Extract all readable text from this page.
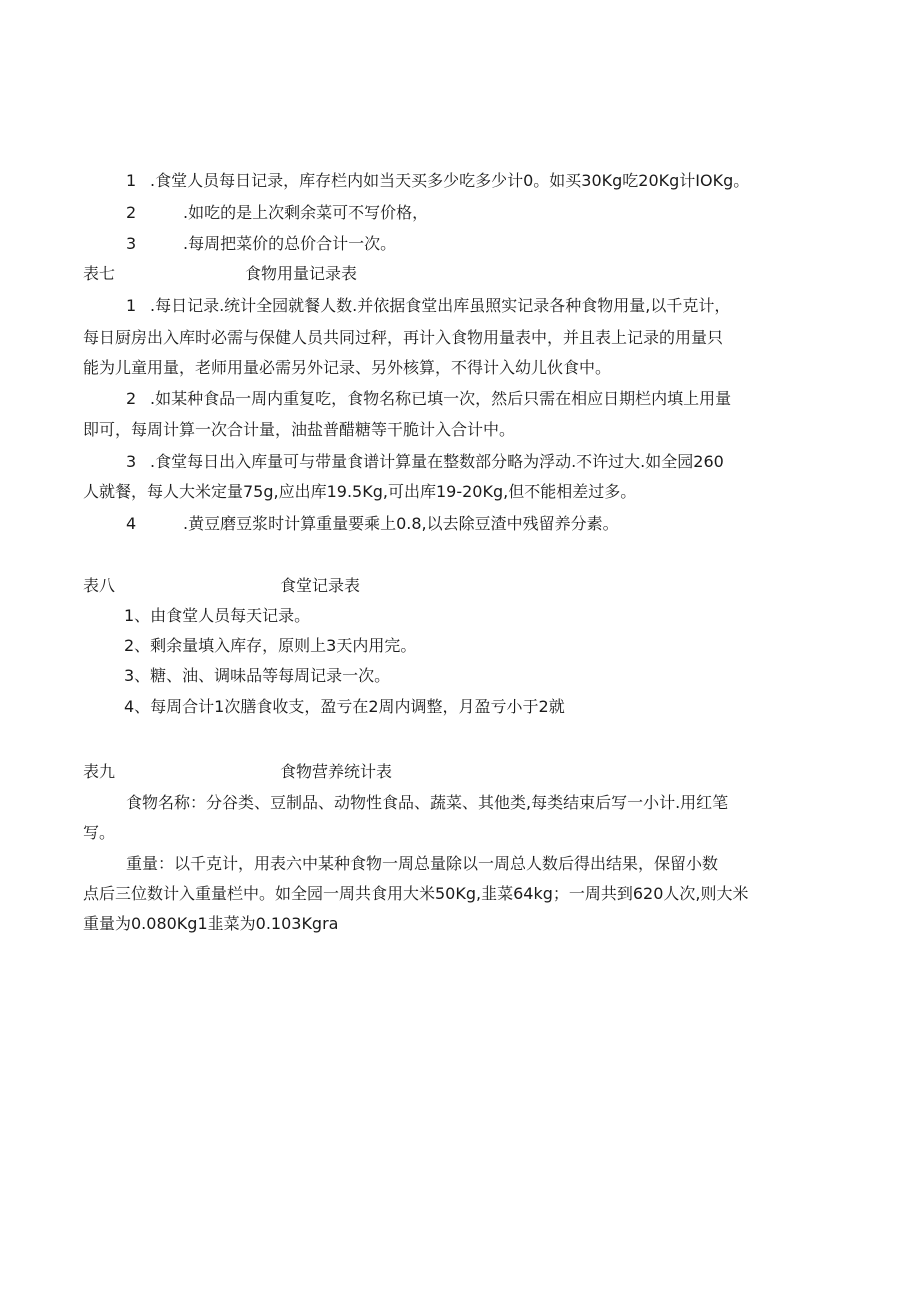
1 .食堂人员每日记录，库存栏内如当天买多少吃多少计0。如买30Kg吃20Kg计IOKg。
2	.如吃的是上次剩余菜可不写价格，
3	.每周把菜价的总价合计一次。
表七	食物用量记录表
1 .每日记录.统计全园就餐人数.并依据食堂出库虽照实记录各种食物用量,以千克计，
每日厨房出入库时必需与保健人员共同过秤，再计入食物用量表中，并且表上记录的用量只
能为儿童用量，老师用量必需另外记录、另外核算，不得计入幼儿伙食中。
2 .如某种食品一周内重复吃，食物名称已填一次，然后只需在相应日期栏内填上用量
即可，每周计算一次合计量，油盐普醋糖等干脆计入合计中。
3 .食堂每日出入库量可与带量食谱计算量在整数部分略为浮动.不许过大.如全园260
人就餐，每人大米定量75g,应出库19.5Kg,可出库19-20Kg,但不能相差过多。
4	.黄豆磨豆浆时计算重量要乘上0.8,以去除豆渣中残留养分素。
表八	食堂记录表
1、由食堂人员每天记录。
2、剩余量填入库存，原则上3天内用完。
3、糖、油、调味品等每周记录一次。
4、每周合计1次膳食收支，盈亏在2周内调整，月盈亏小于2就
表九	食物营养统计表
食物名称：分谷类、豆制品、动物性食品、蔬菜、其他类,每类结束后写一小计.用红笔
写。
重量：以千克计，用表六中某种食物一周总量除以一周总人数后得出结果，保留小数
点后三位数计入重量栏中。如全园一周共食用大米50Kg,韭菜64kg；一周共到620人次,则大米
重量为0.080Kg1韭菜为0.103Kgra
